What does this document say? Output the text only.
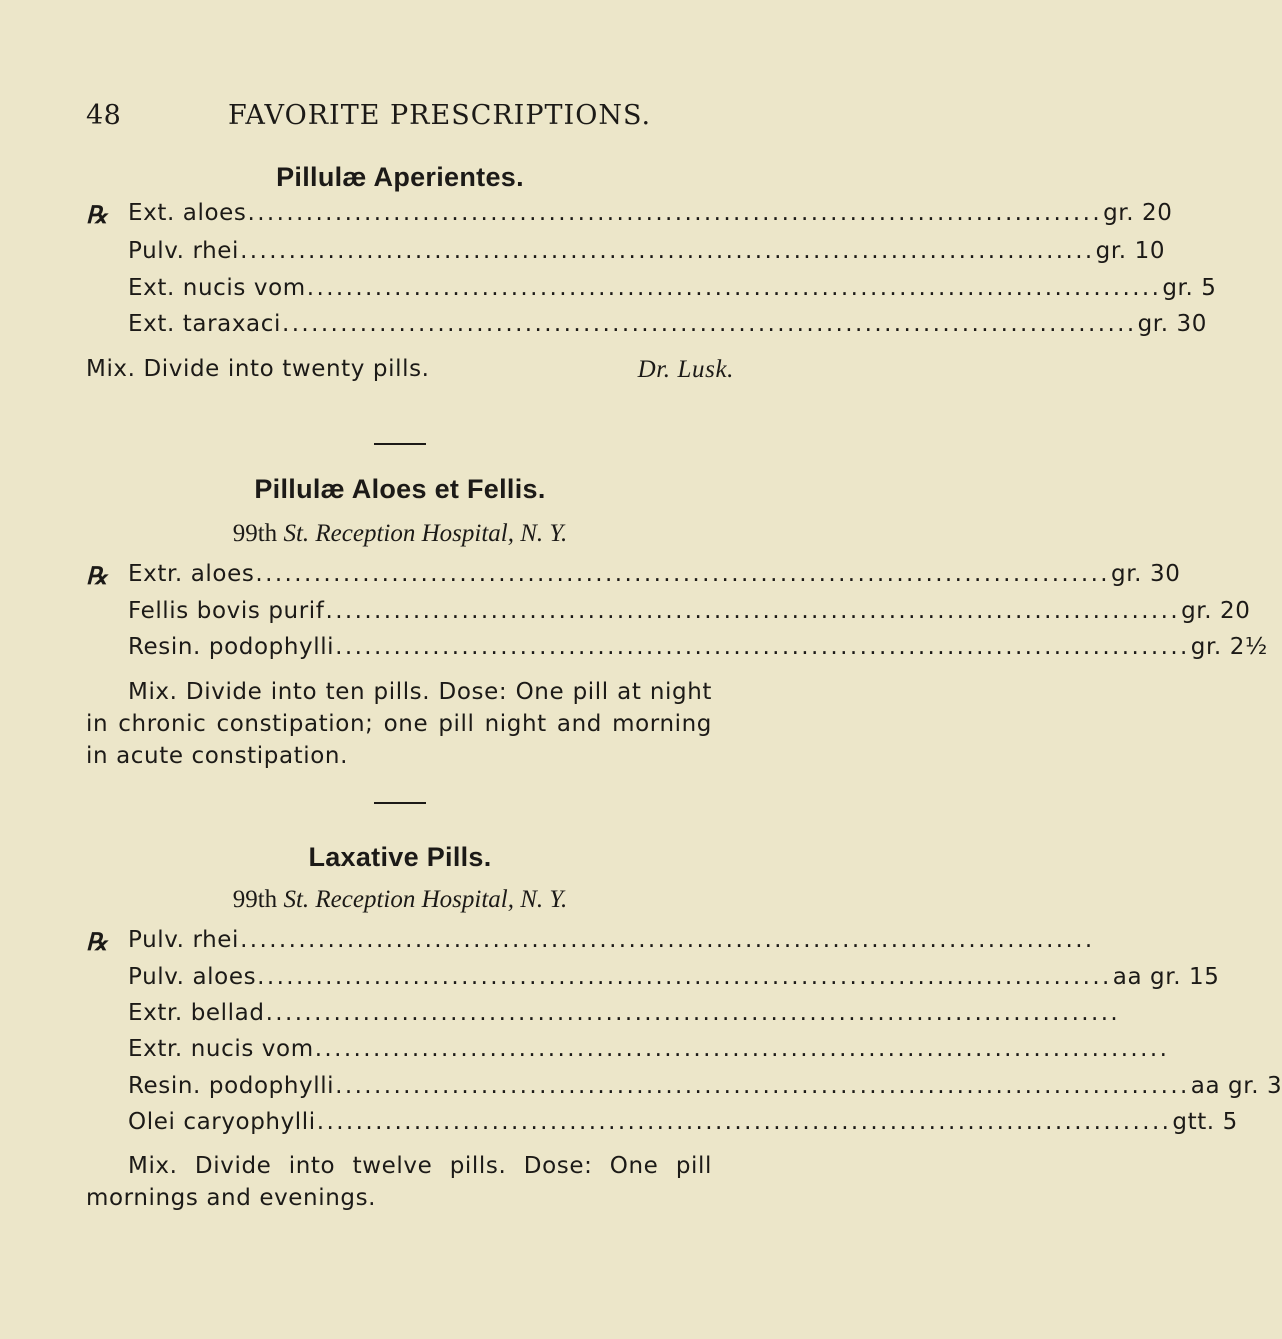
48	FAVORITE PRESCRIPTIONS.
Pillulæ Aperientes.
℞ Ext. aloes ........................................................................................ gr. 20
Pulv. rhei ........................................................................................ gr. 10
Ext. nucis vom ........................................................................................ gr. 5
Ext. taraxaci ........................................................................................ gr. 30
Mix. Divide into twenty pills.	Dr. Lusk.
Pillulæ Aloes et Fellis.
99th St. Reception Hospital, N. Y.
℞ Extr. aloes ........................................................................................ gr. 30
Fellis bovis purif ........................................................................................ gr. 20
Resin. podophylli ........................................................................................ gr. 2½
Mix. Divide into ten pills. Dose: One pill at night in chronic constipation; one pill night and morning in acute constipation.
Laxative Pills.
99th St. Reception Hospital, N. Y.
℞ Pulv. rhei ........................................................................................
Pulv. aloes ........................................................................................ aa gr. 15
Extr. bellad ........................................................................................
Extr. nucis vom ........................................................................................
Resin. podophylli ........................................................................................ aa gr. 3
Olei caryophylli ........................................................................................ gtt. 5
Mix. Divide into twelve pills. Dose: One pill mornings and evenings.
